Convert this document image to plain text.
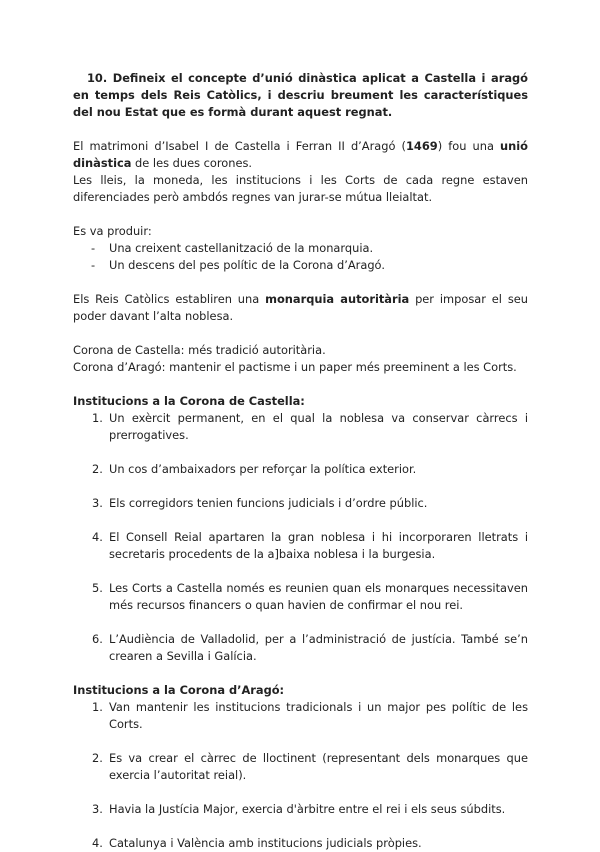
10. Defineix el concepte d’unió dinàstica aplicat a Castella i aragó en temps dels Reis Catòlics, i descriu breument les característiques del nou Estat que es formà durant aquest regnat.

El matrimoni d’Isabel I de Castella i Ferran II d’Aragó (1469) fou una unió dinàstica de les dues corones.

Les lleis, la moneda, les institucions i les Corts de cada regne estaven diferenciades però ambdós regnes van jurar-se mútua lleialtat.

Es va produir:

- Una creixent castellanització de la monarquia.
- Un descens del pes polític de la Corona d’Aragó.

Els Reis Catòlics establiren una monarquia autoritària per imposar el seu poder davant l’alta noblesa.

Corona de Castella: més tradició autoritària.

Corona d’Aragó: mantenir el pactisme i un paper més preeminent a les Corts.

Institucions a la Corona de Castella:

1. Un exèrcit permanent, en el qual la noblesa va conservar càrrecs i prerrogatives.
2. Un cos d’ambaixadors per reforçar la política exterior.
3. Els corregidors tenien funcions judicials i d’ordre públic.
4. El Consell Reial apartaren la gran noblesa i hi incorporaren lletrats i secretaris procedents de la a]baixa noblesa i la burgesia.
5. Les Corts a Castella només es reunien quan els monarques necessitaven més recursos financers o quan havien de confirmar el nou rei.
6. L’Audiència de Valladolid, per a l’administració de justícia. També se’n crearen a Sevilla i Galícia.

Institucions a la Corona d’Aragó:

1. Van mantenir les institucions tradicionals i un major pes polític de les Corts.
2. Es va crear el càrrec de lloctinent (representant dels monarques que exercia l’autoritat reial).
3. Havia la Justícia Major, exercia d'àrbitre entre el rei i els seus súbdits.
4. Catalunya i València amb institucions judicials pròpies.
